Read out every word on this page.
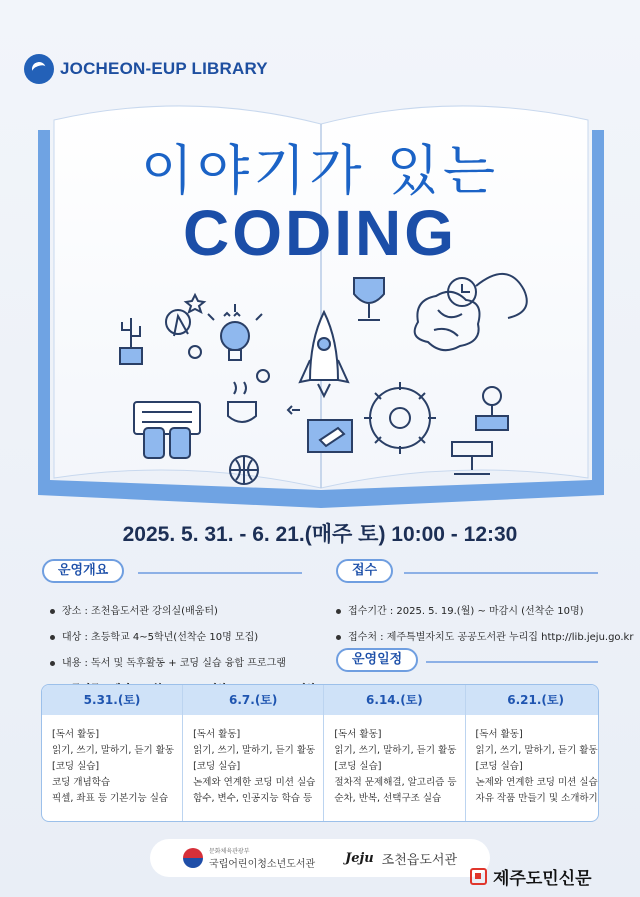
JOCHEON-EUP LIBRARY
이야기가 있는
CODING
2025. 5. 31. - 6. 21.(매주 토) 10:00 - 12:30
운영개요
장소 : 조천읍도서관 강의실(배움터)
대상 : 초등학교 4~5학년(선착순 10명 모집)
내용 : 독서 및 독후활동 + 코딩 실습 융합 프로그램
접수
접수기간 : 2025. 5. 19.(월) ~ 마감시 (선착순 10명)
접수처 : 제주특별자치도 공공도서관 누리집 http://lib.jeju.go.kr
운영일정
5.31.(토)
[독서 활동]
읽기, 쓰기, 말하기, 듣기 활동
[코딩 실습]
코딩 개념학습
픽셀, 좌표 등 기본기능 실습
6.7.(토)
[독서 활동]
읽기, 쓰기, 말하기, 듣기 활동
[코딩 실습]
논제와 연계한 코딩 미션 실습
함수, 변수, 인공지능 학습 등
6.14.(토)
[독서 활동]
읽기, 쓰기, 말하기, 듣기 활동
[코딩 실습]
절차적 문제해결, 알고리즘 등
순차, 반복, 선택구조 실습
6.21.(토)
[독서 활동]
읽기, 쓰기, 말하기, 듣기 활동
[코딩 실습]
논제와 연계한 코딩 미션 실습
자유 작품 만들기 및 소개하기
문화체육관광부
국립어린이청소년도서관 Jeju 조천읍도서관
제주도민신문
